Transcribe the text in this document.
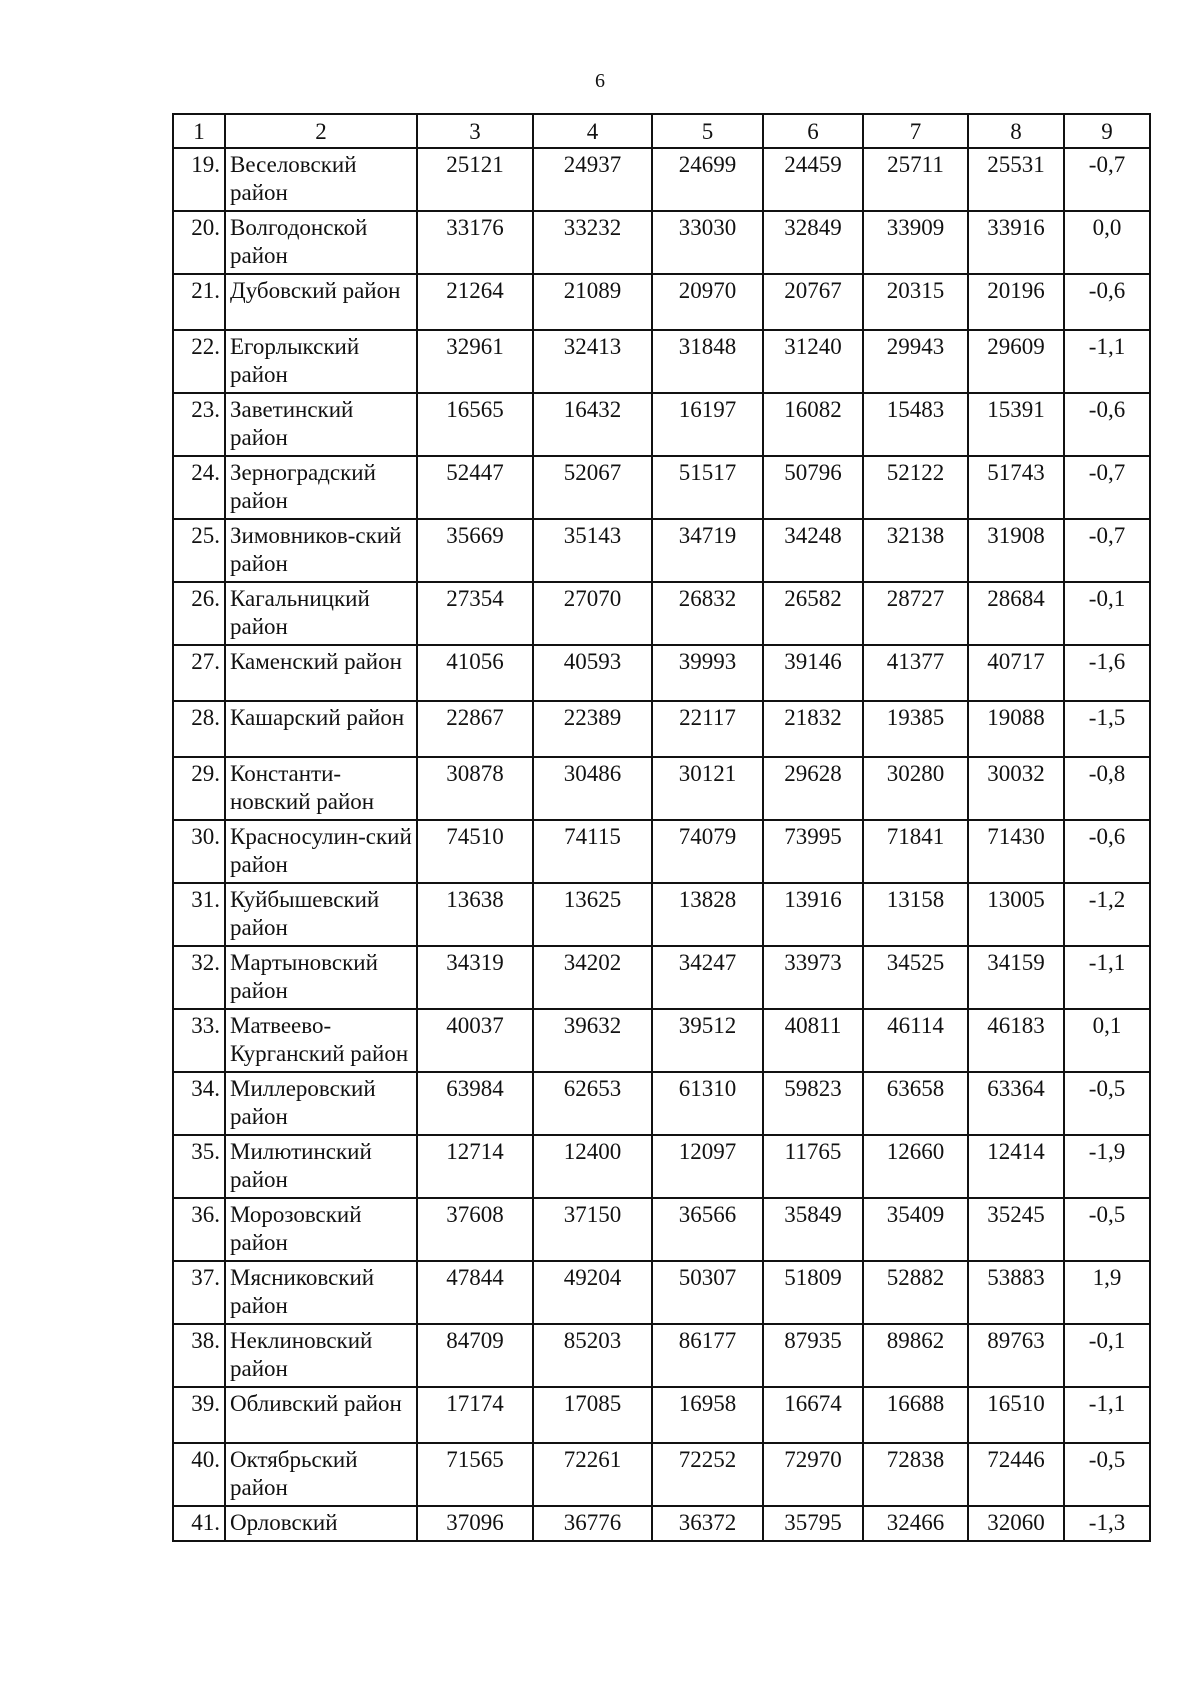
6
1	2	3	4	5	6	7	8	9
19.	Веселовский район	25121	24937	24699	24459	25711	25531	-0,7
20.	Волгодонской район	33176	33232	33030	32849	33909	33916	0,0
21.	Дубовский район	21264	21089	20970	20767	20315	20196	-0,6
22.	Егорлыкский район	32961	32413	31848	31240	29943	29609	-1,1
23.	Заветинский район	16565	16432	16197	16082	15483	15391	-0,6
24.	Зерноградский район	52447	52067	51517	50796	52122	51743	-0,7
25.	Зимовников-ский район	35669	35143	34719	34248	32138	31908	-0,7
26.	Кагальницкий район	27354	27070	26832	26582	28727	28684	-0,1
27.	Каменский район	41056	40593	39993	39146	41377	40717	-1,6
28.	Кашарский район	22867	22389	22117	21832	19385	19088	-1,5
29.	Константи-новский район	30878	30486	30121	29628	30280	30032	-0,8
30.	Красносулин-ский район	74510	74115	74079	73995	71841	71430	-0,6
31.	Куйбышевский район	13638	13625	13828	13916	13158	13005	-1,2
32.	Мартыновский район	34319	34202	34247	33973	34525	34159	-1,1
33.	Матвеево-Курганский район	40037	39632	39512	40811	46114	46183	0,1
34.	Миллеровский район	63984	62653	61310	59823	63658	63364	-0,5
35.	Милютинский район	12714	12400	12097	11765	12660	12414	-1,9
36.	Морозовский район	37608	37150	36566	35849	35409	35245	-0,5
37.	Мясниковский район	47844	49204	50307	51809	52882	53883	1,9
38.	Неклиновский район	84709	85203	86177	87935	89862	89763	-0,1
39.	Обливский район	17174	17085	16958	16674	16688	16510	-1,1
40.	Октябрьский район	71565	72261	72252	72970	72838	72446	-0,5
41.	Орловский	37096	36776	36372	35795	32466	32060	-1,3
